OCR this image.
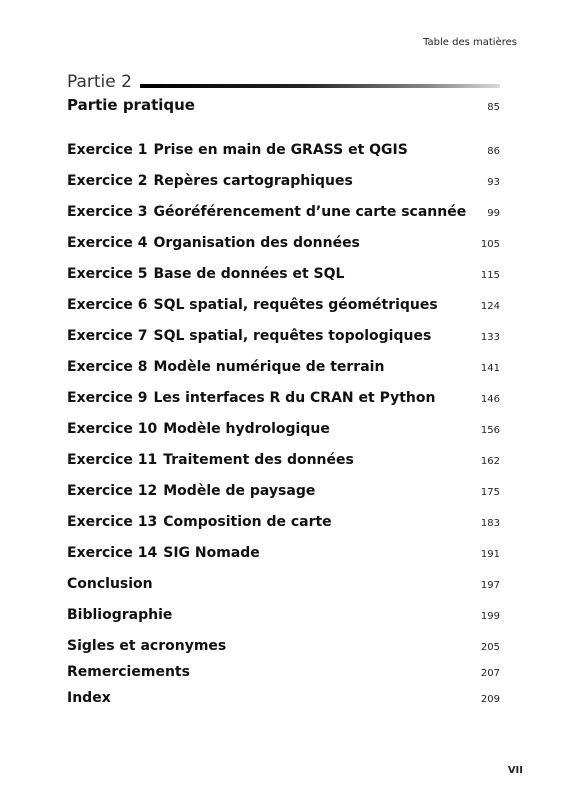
Table des matières
Partie 2
Partie pratique	85
Exercice 1 Prise en main de GRASS et QGIS	86
Exercice 2 Repères cartographiques	93
Exercice 3 Géoréférencement d’une carte scannée 99
Exercice 4 Organisation des données	105
Exercice 5 Base de données et SQL	115
Exercice 6 SQL spatial, requêtes géométriques	124
Exercice 7 SQL spatial, requêtes topologiques	133
Exercice 8 Modèle numérique de terrain	141
Exercice 9 Les interfaces R du CRAN et Python	146
Exercice 10 Modèle hydrologique	156
Exercice 11 Traitement des données	162
Exercice 12 Modèle de paysage	175
Exercice 13 Composition de carte	183
Exercice 14 SIG Nomade	191
Conclusion	197
Bibliographie	199
Sigles et acronymes	205
Remerciements	207
Index	209
VII
